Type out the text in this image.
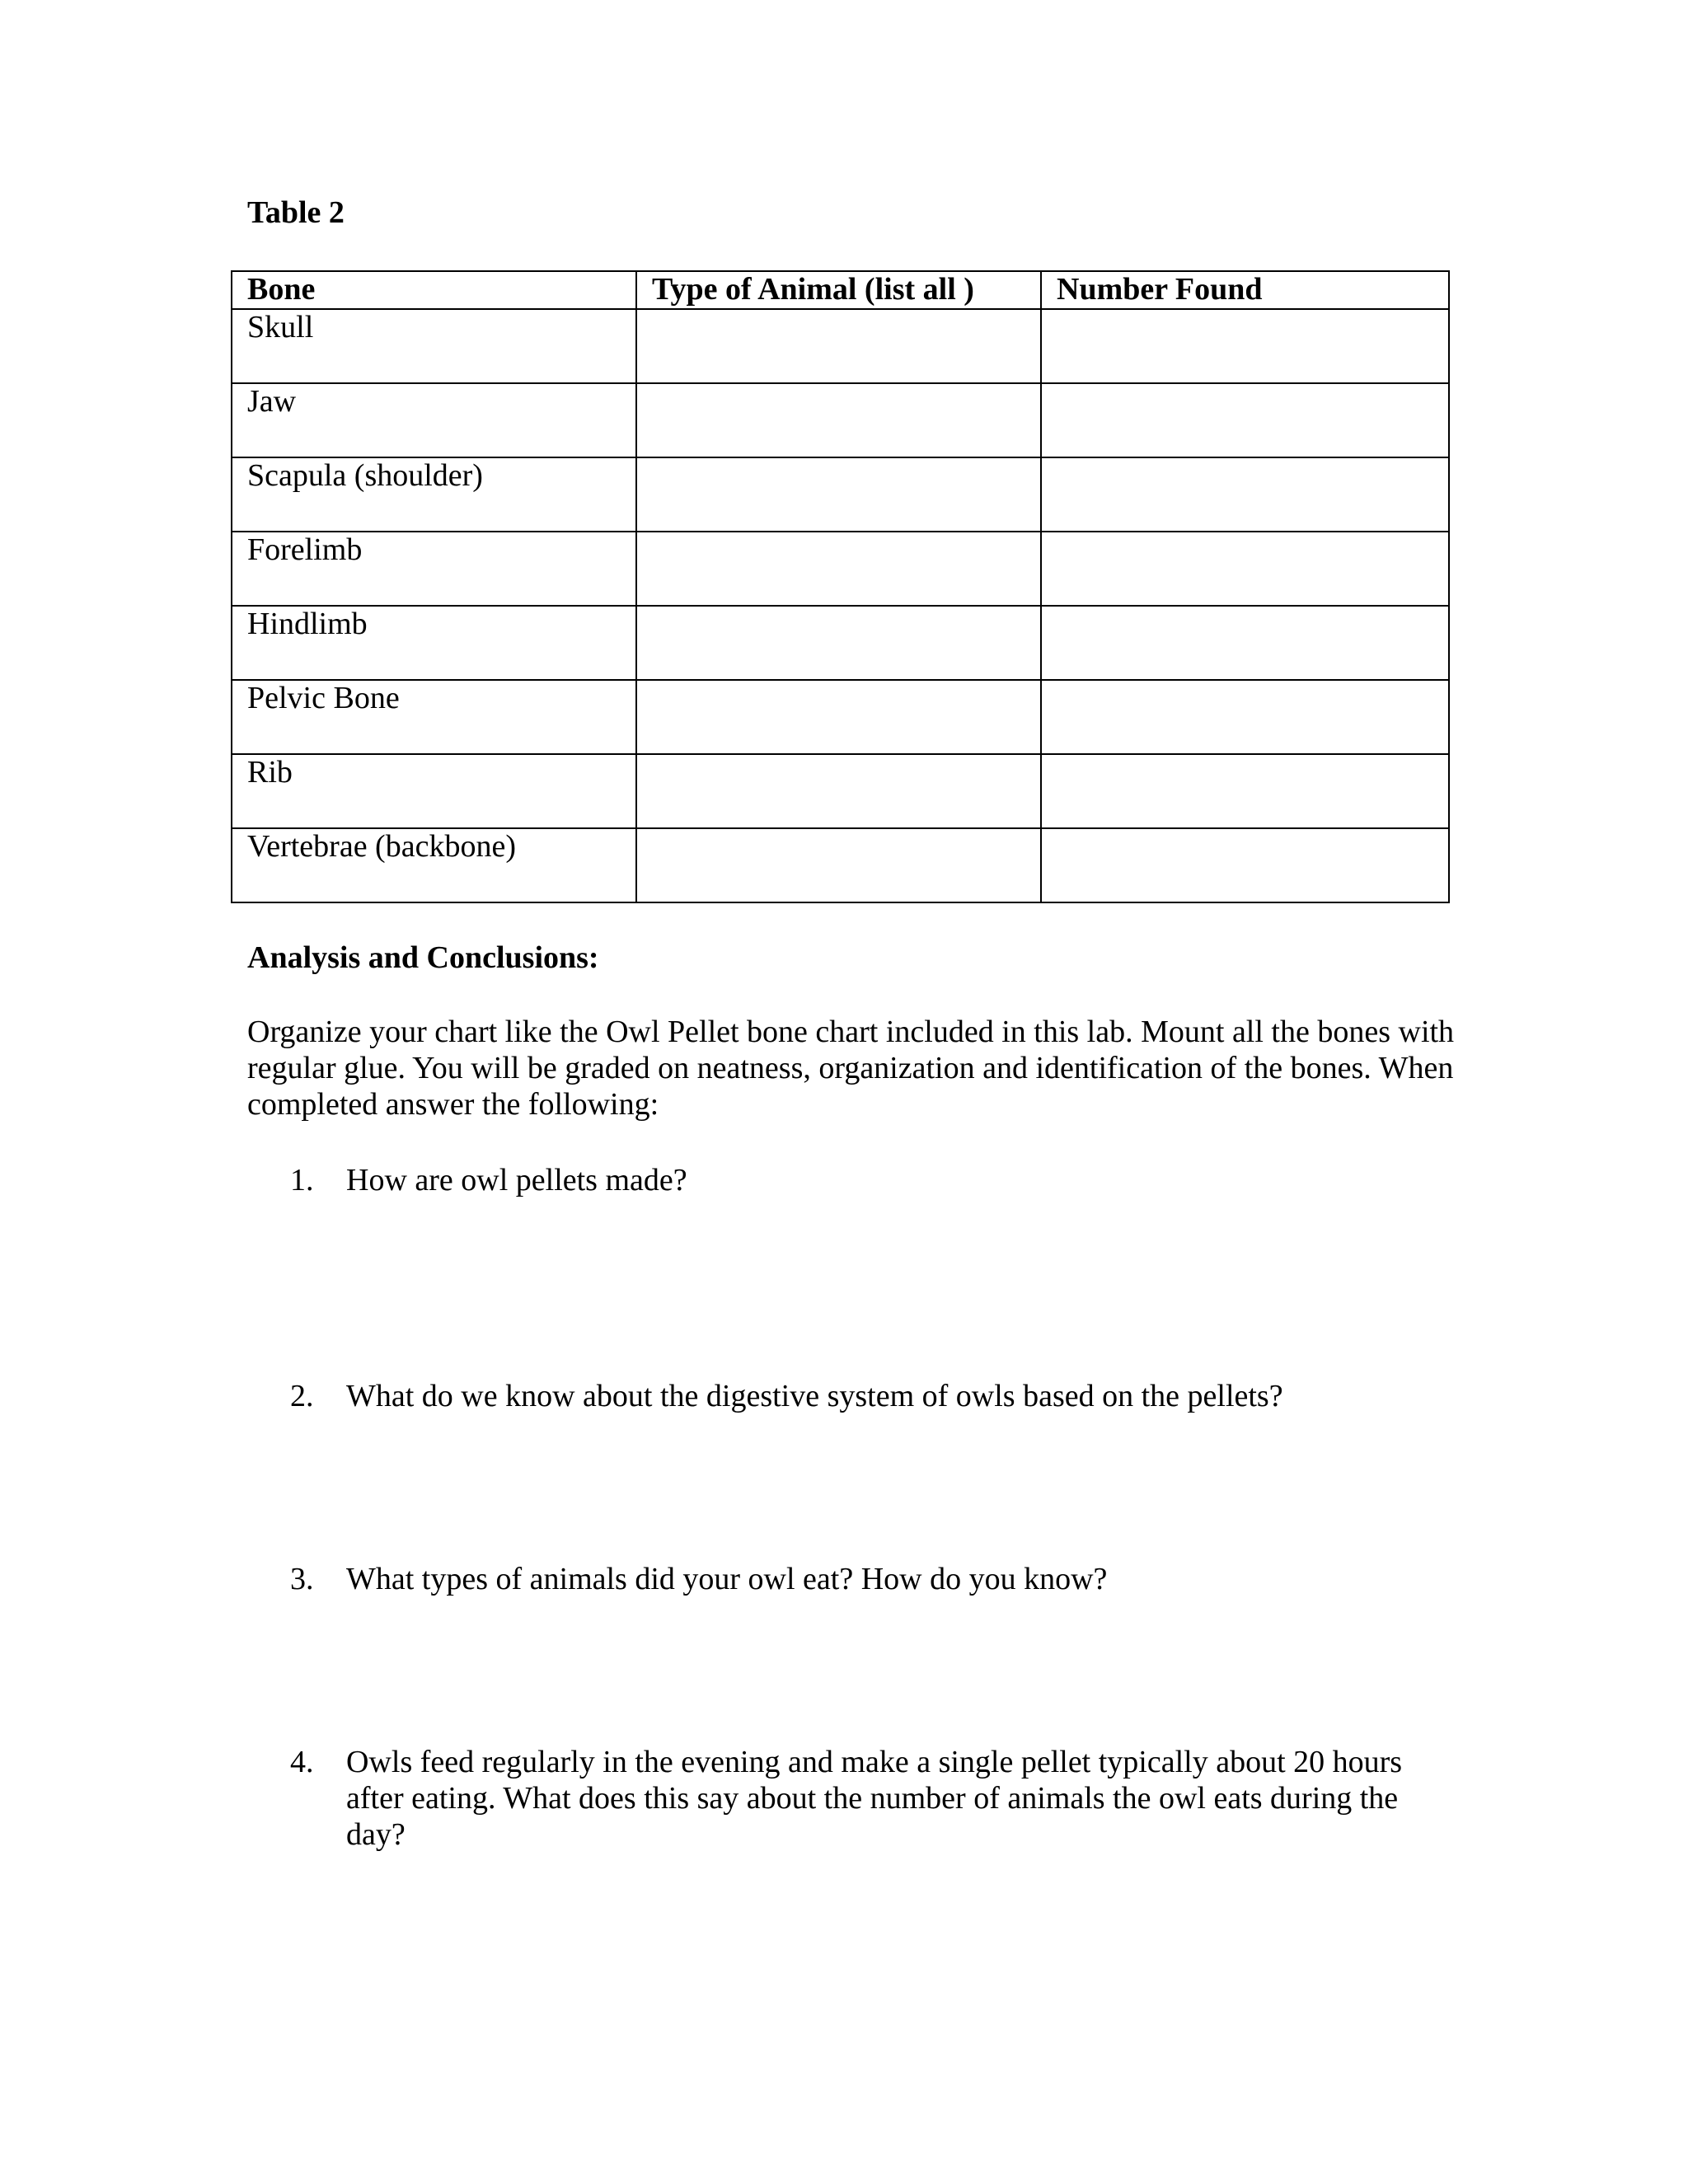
Table 2
Bone	Type of Animal (list all )	Number Found
Skull		
Jaw		
Scapula (shoulder)		
Forelimb		
Hindlimb		
Pelvic Bone		
Rib		
Vertebrae (backbone)		
Analysis and Conclusions:
Organize your chart like the Owl Pellet bone chart included in this lab. Mount all the bones with regular glue. You will be graded on neatness, organization and identification of the bones. When completed answer the following:
1.	How are owl pellets made?
2.	What do we know about the digestive system of owls based on the pellets?
3.	What types of animals did your owl eat? How do you know?
4.	Owls feed regularly in the evening and make a single pellet typically about 20 hours after eating. What does this say about the number of animals the owl eats during the day?
